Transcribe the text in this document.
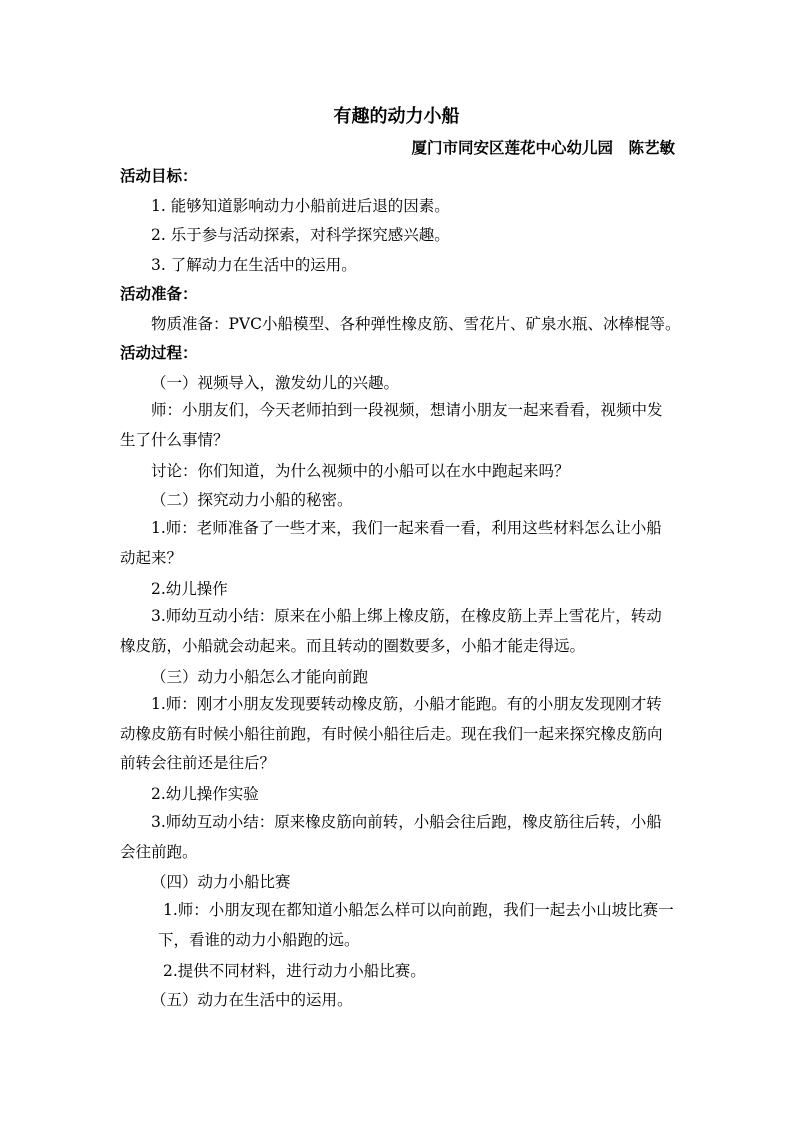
有趣的动力小船
厦门市同安区莲花中心幼儿园　陈艺敏
活动目标：
1. 能够知道影响动力小船前进后退的因素。
2. 乐于参与活动探索，对科学探究感兴趣。
3. 了解动力在生活中的运用。
活动准备：
物质准备：PVC小船模型、各种弹性橡皮筋、雪花片、矿泉水瓶、冰棒棍等。
活动过程：
（一）视频导入，激发幼儿的兴趣。
师：小朋友们，今天老师拍到一段视频，想请小朋友一起来看看，视频中发生了什么事情？
讨论：你们知道，为什么视频中的小船可以在水中跑起来吗？
（二）探究动力小船的秘密。
1.师：老师准备了一些才来，我们一起来看一看，利用这些材料怎么让小船动起来？
2.幼儿操作
3.师幼互动小结：原来在小船上绑上橡皮筋，在橡皮筋上弄上雪花片，转动橡皮筋，小船就会动起来。而且转动的圈数要多，小船才能走得远。
（三）动力小船怎么才能向前跑
1.师：刚才小朋友发现要转动橡皮筋，小船才能跑。有的小朋友发现刚才转动橡皮筋有时候小船往前跑，有时候小船往后走。现在我们一起来探究橡皮筋向前转会往前还是往后？
2.幼儿操作实验
3.师幼互动小结：原来橡皮筋向前转，小船会往后跑，橡皮筋往后转，小船会往前跑。
（四）动力小船比赛
1.师：小朋友现在都知道小船怎么样可以向前跑，我们一起去小山坡比赛一下，看谁的动力小船跑的远。
2.提供不同材料，进行动力小船比赛。
（五）动力在生活中的运用。
